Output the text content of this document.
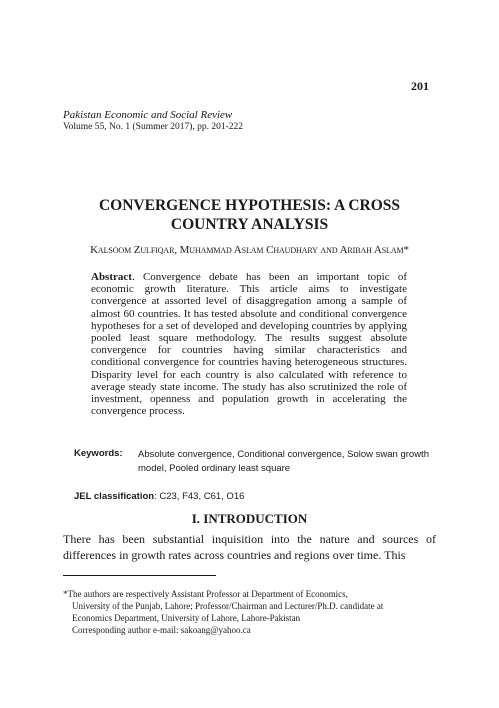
201
Pakistan Economic and Social Review
Volume 55, No. 1 (Summer 2017), pp. 201-222
CONVERGENCE HYPOTHESIS: A CROSS
COUNTRY ANALYSIS
Kalsoom Zulfiqar, Muhammad Aslam Chaudhary and Aribah Aslam*

Abstract. Convergence debate has been an important topic of economic growth literature. This article aims to investigate convergence at assorted level of disaggregation among a sample of almost 60 countries. It has tested absolute and conditional convergence hypotheses for a set of developed and developing countries by applying pooled least square methodology. The results suggest absolute convergence for countries having similar characteristics and conditional convergence for countries having heterogeneous structures. Disparity level for each country is also calculated with reference to average steady state income. The study has also scrutinized the role of investment, openness and population growth in accelerating the convergence process.

Keywords: Absolute convergence, Conditional convergence, Solow swan growth model, Pooled ordinary least square
JEL classification: C23, F43, C61, O16
I. INTRODUCTION

There has been substantial inquisition into the nature and sources of differences in growth rates across countries and regions over time. This

*The authors are respectively Assistant Professor at Department of Economics,
University of the Punjab, Lahore; Professor/Chairman and Lecturer/Ph.D. candidate at
Economics Department, University of Lahore, Lahore-Pakistan
Corresponding author e-mail: sakoang@yahoo.ca
